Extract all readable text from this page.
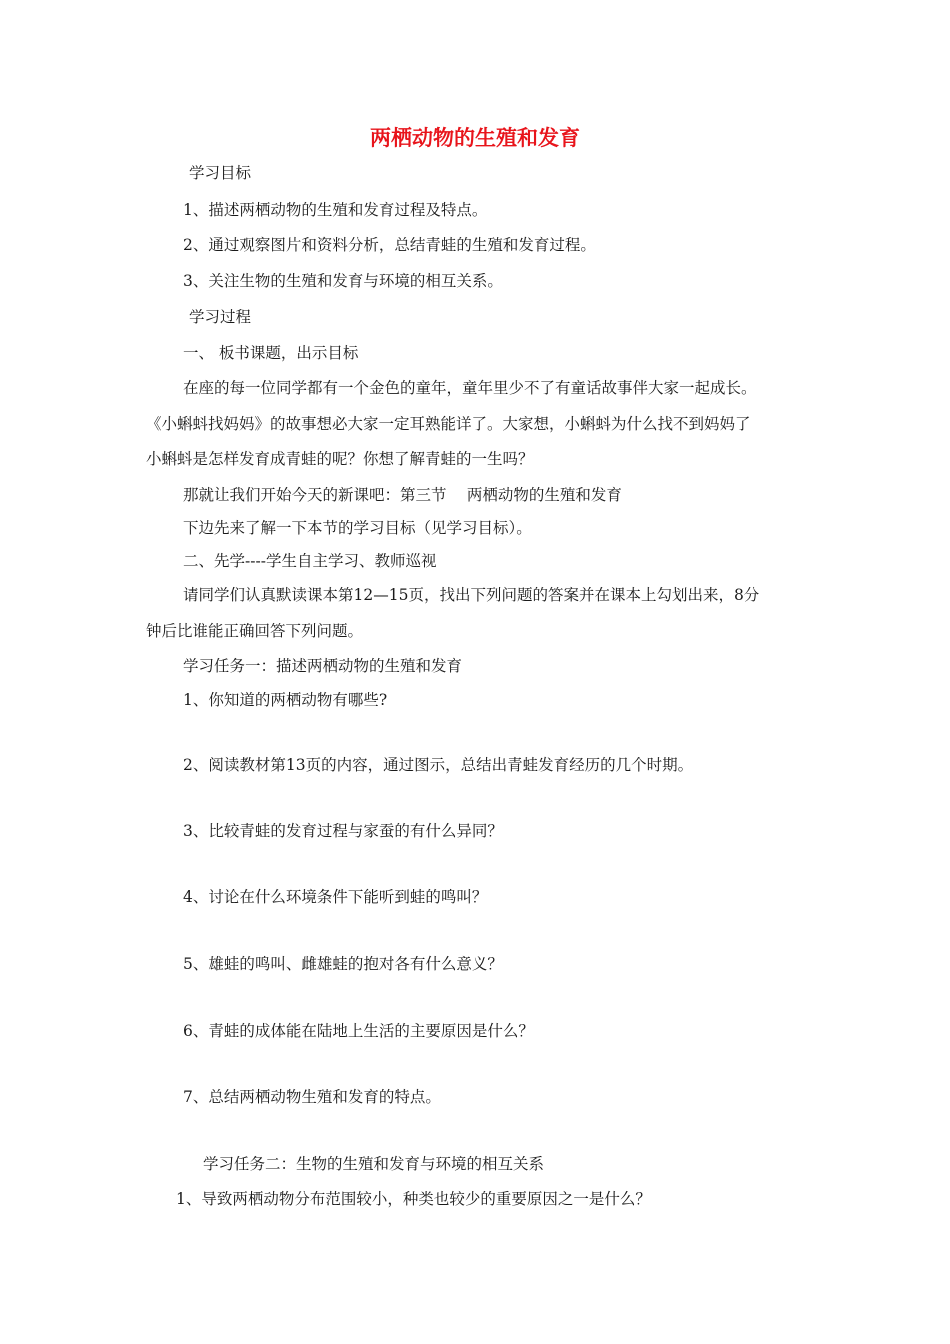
两栖动物的生殖和发育

学习目标

1、描述两栖动物的生殖和发育过程及特点。

2、通过观察图片和资料分析，总结青蛙的生殖和发育过程。

3、关注生物的生殖和发育与环境的相互关系。

学习过程

一、 板书课题，出示目标

在座的每一位同学都有一个金色的童年，童年里少不了有童话故事伴大家一起成长。

《小蝌蚪找妈妈》的故事想必大家一定耳熟能详了。大家想，小蝌蚪为什么找不到妈妈了

小蝌蚪是怎样发育成青蛙的呢？你想了解青蛙的一生吗？

那就让我们开始今天的新课吧：第三节　 两栖动物的生殖和发育

下边先来了解一下本节的学习目标（见学习目标）。

二、先学----学生自主学习、教师巡视

请同学们认真默读课本第12—15页，找出下列问题的答案并在课本上勾划出来，8分

钟后比谁能正确回答下列问题。

学习任务一：描述两栖动物的生殖和发育

1、你知道的两栖动物有哪些?

2、阅读教材第13页的内容，通过图示，总结出青蛙发育经历的几个时期。

3、比较青蛙的发育过程与家蚕的有什么异同？

4、讨论在什么环境条件下能听到蛙的鸣叫？

5、雄蛙的鸣叫、雌雄蛙的抱对各有什么意义？

6、青蛙的成体能在陆地上生活的主要原因是什么？

7、总结两栖动物生殖和发育的特点。

学习任务二：生物的生殖和发育与环境的相互关系

1、导致两栖动物分布范围较小，种类也较少的重要原因之一是什么？
